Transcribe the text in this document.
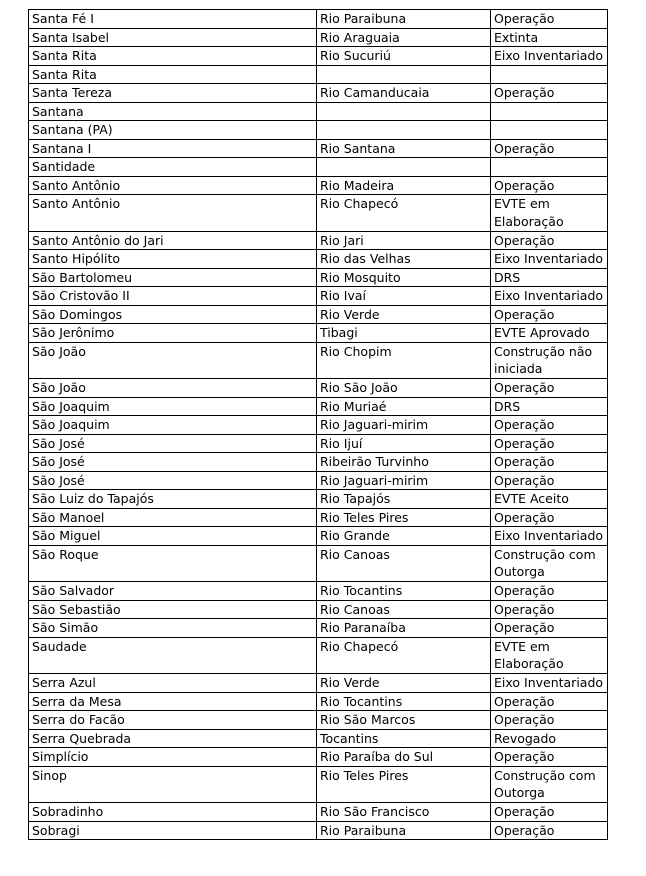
Santa Fé I	Rio Paraibuna	Operação
Santa Isabel	Rio Araguaia	Extinta
Santa Rita	Rio Sucuriú	Eixo Inventariado
Santa Rita		
Santa Tereza	Rio Camanducaia	Operação
Santana		
Santana (PA)		
Santana I	Rio Santana	Operação
Santidade		
Santo Antônio	Rio Madeira	Operação
Santo Antônio	Rio Chapecó	EVTE em Elaboração
Santo Antônio do Jari	Rio Jari	Operação
Santo Hipólito	Rio das Velhas	Eixo Inventariado
São Bartolomeu	Rio Mosquito	DRS
São Cristovão II	Rio Ivaí	Eixo Inventariado
São Domingos	Rio Verde	Operação
São Jerônimo	Tibagi	EVTE Aprovado
São João	Rio Chopim	Construção não iniciada
São João	Rio São João	Operação
São Joaquim	Rio Muriaé	DRS
São Joaquim	Rio Jaguari-mirim	Operação
São José	Rio Ijuí	Operação
São José	Ribeirão Turvinho	Operação
São José	Rio Jaguari-mirim	Operação
São Luiz do Tapajós	Rio Tapajós	EVTE Aceito
São Manoel	Rio Teles Pires	Operação
São Miguel	Rio Grande	Eixo Inventariado
São Roque	Rio Canoas	Construção com Outorga
São Salvador	Rio Tocantins	Operação
São Sebastião	Rio Canoas	Operação
São Simão	Rio Paranaíba	Operação
Saudade	Rio Chapecó	EVTE em Elaboração
Serra Azul	Rio Verde	Eixo Inventariado
Serra da Mesa	Rio Tocantins	Operação
Serra do Facão	Rio São Marcos	Operação
Serra Quebrada	Tocantins	Revogado
Simplício	Rio Paraíba do Sul	Operação
Sinop	Rio Teles Pires	Construção com Outorga
Sobradinho	Rio São Francisco	Operação
Sobragi	Rio Paraibuna	Operação
